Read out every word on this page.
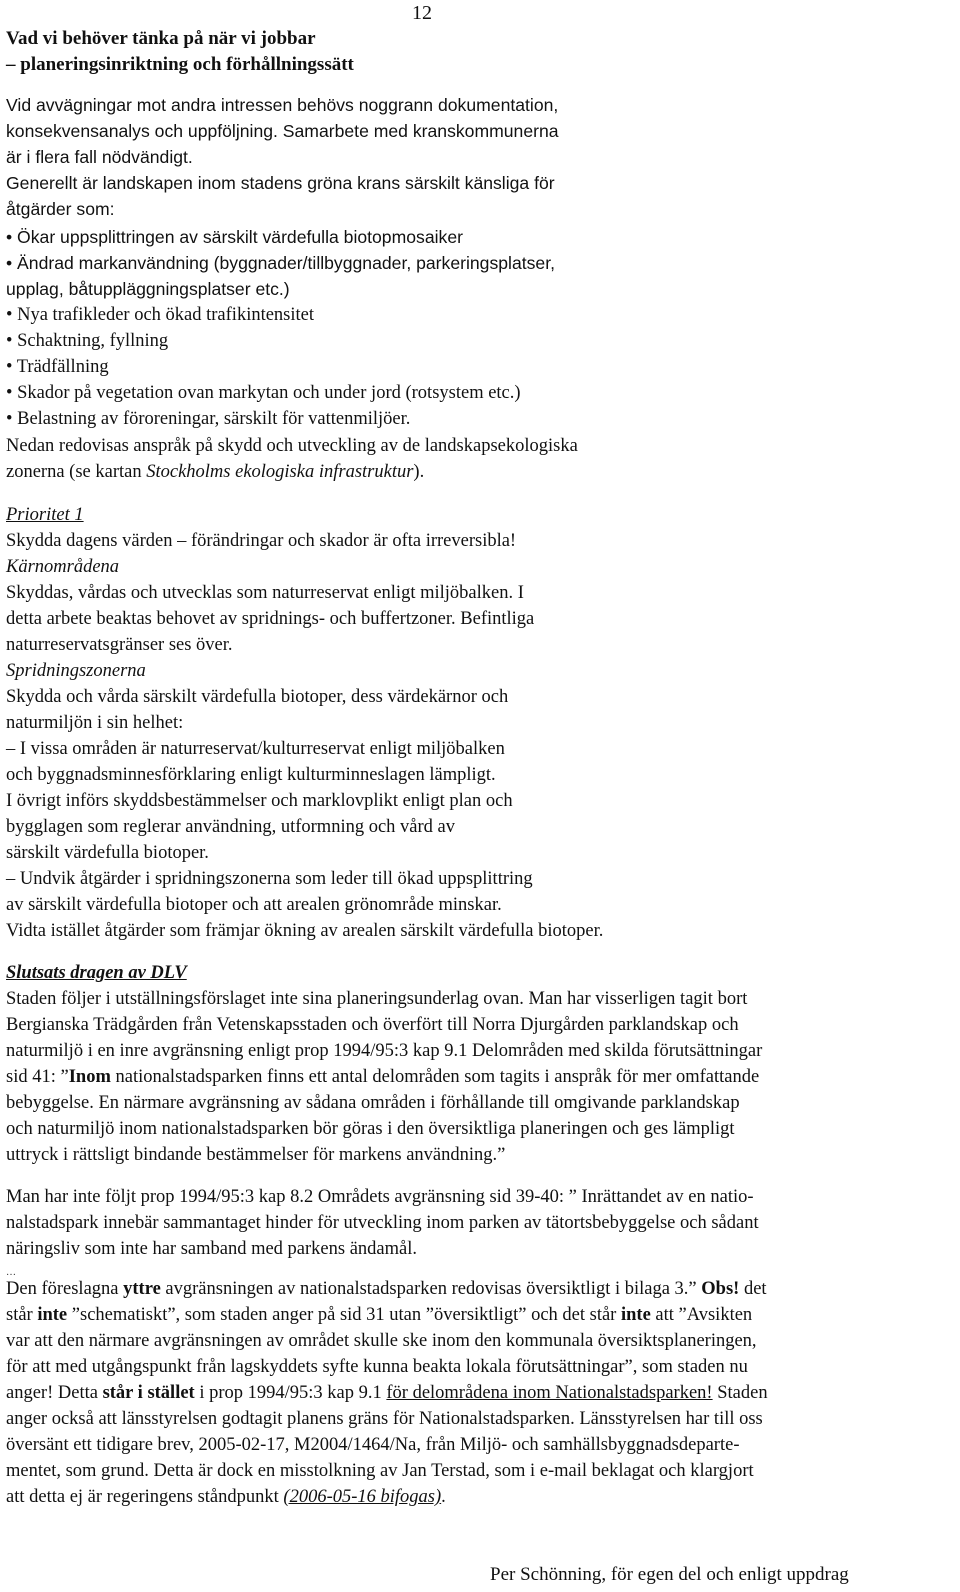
12
Vad vi behöver tänka på när vi jobbar
– planeringsinriktning och förhållningssätt
Vid avvägningar mot andra intressen behövs noggrann dokumentation,
konsekvensanalys och uppföljning. Samarbete med kranskommunerna
är i flera fall nödvändigt.
Generellt är landskapen inom stadens gröna krans särskilt känsliga för
åtgärder som:
• Ökar uppsplittringen av särskilt värdefulla biotopmosaiker
• Ändrad markanvändning (byggnader/tillbyggnader, parkeringsplatser,
upplag, båtuppläggningsplatser etc.)
• Nya trafikleder och ökad trafikintensitet
• Schaktning, fyllning
• Trädfällning
• Skador på vegetation ovan markytan och under jord (rotsystem etc.)
• Belastning av föroreningar, särskilt för vattenmiljöer.
Nedan redovisas anspråk på skydd och utveckling av de landskapsekologiska
zonerna (se kartan Stockholms ekologiska infrastruktur).
Prioritet 1
Skydda dagens värden – förändringar och skador är ofta irreversibla!
Kärnområdena
Skyddas, vårdas och utvecklas som naturreservat enligt miljöbalken. I
detta arbete beaktas behovet av spridnings- och buffertzoner. Befintliga
naturreservatsgränser ses över.
Spridningszonerna
Skydda och vårda särskilt värdefulla biotoper, dess värdekärnor och
naturmiljön i sin helhet:
– I vissa områden är naturreservat/kulturreservat enligt miljöbalken
och byggnadsminnesförklaring enligt kulturminneslagen lämpligt.
I övrigt införs skyddsbestämmelser och marklovplikt enligt plan och
bygglagen som reglerar användning, utformning och vård av
särskilt värdefulla biotoper.
– Undvik åtgärder i spridningszonerna som leder till ökad uppsplittring
av särskilt värdefulla biotoper och att arealen grönområde minskar.
Vidta istället åtgärder som främjar ökning av arealen särskilt värdefulla biotoper.
Slutsats dragen av DLV
Staden följer i utställningsförslaget inte sina planeringsunderlag ovan. Man har visserligen tagit bort
Bergianska Trädgården från Vetenskapsstaden och överfört till Norra Djurgården parklandskap och
naturmiljö i en inre avgränsning enligt prop 1994/95:3 kap 9.1 Delområden med skilda förutsättningar
sid 41: ”Inom nationalstadsparken finns ett antal delområden som tagits i anspråk för mer omfattande
bebyggelse. En närmare avgränsning av sådana områden i förhållande till omgivande parklandskap
och naturmiljö inom nationalstadsparken bör göras i den översiktliga planeringen och ges lämpligt
uttryck i rättsligt bindande bestämmelser för markens användning.”
Man har inte följt prop 1994/95:3 kap 8.2 Områdets avgränsning sid 39-40: ” Inrättandet av en natio-
nalstadspark innebär sammantaget hinder för utveckling inom parken av tätortsbebyggelse och sådant
näringsliv som inte har samband med parkens ändamål.
…
Den föreslagna yttre avgränsningen av nationalstadsparken redovisas översiktligt i bilaga 3.” Obs! det
står inte ”schematiskt”, som staden anger på sid 31 utan ”översiktligt” och det står inte att ”Avsikten
var att den närmare avgränsningen av området skulle ske inom den kommunala översiktsplaneringen,
för att med utgångspunkt från lagskyddets syfte kunna beakta lokala förutsättningar”, som staden nu
anger! Detta står i stället i prop 1994/95:3 kap 9.1 för delområdena inom Nationalstadsparken! Staden
anger också att länsstyrelsen godtagit planens gräns för Nationalstadsparken. Länsstyrelsen har till oss
översänt ett tidigare brev, 2005-02-17, M2004/1464/Na, från Miljö- och samhällsbyggnadsdeparte-
mentet, som grund. Detta är dock en misstolkning av Jan Terstad, som i e-mail beklagat och klargjort
att detta ej är regeringens ståndpunkt (2006-05-16 bifogas).
Per Schönning, för egen del och enligt uppdrag
